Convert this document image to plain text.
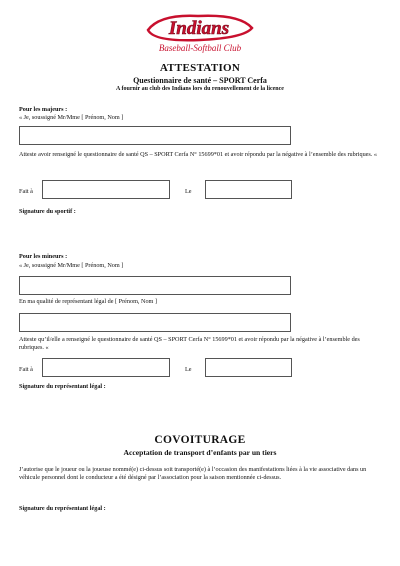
Indians
Baseball-Softball Club
ATTESTATION
Questionnaire de santé – SPORT Cerfa
A fournir au club des Indians lors du renouvellement de la licence
Pour les majeurs :
« Je, soussigné Mr/Mme [ Prénom, Nom ]
Atteste avoir renseigné le questionnaire de santé QS – SPORT Cerfa N° 15699*01 et avoir répondu par la négative à l’ensemble des rubriques. «
Fait à	Le
Signature du sportif :
Pour les mineurs :
« Je, soussigné Mr/Mme [ Prénom, Nom ]
En ma qualité de représentant légal de [ Prénom, Nom ]
Atteste qu’il/elle a renseigné le questionnaire de santé QS – SPORT Cerfa N° 15699*01 et avoir répondu par la négative à l’ensemble des rubriques. «
Fait à	Le
Signature du représentant légal :
COVOITURAGE
Acceptation de transport d’enfants par un tiers
J’autorise que le joueur ou la joueuse nommé(e) ci-dessus soit transporté(e) à l’occasion des manifestations liées à la vie associative dans un véhicule personnel dont le conducteur a été désigné par l’association pour la saison mentionnée ci-dessus.
Signature du représentant légal :
